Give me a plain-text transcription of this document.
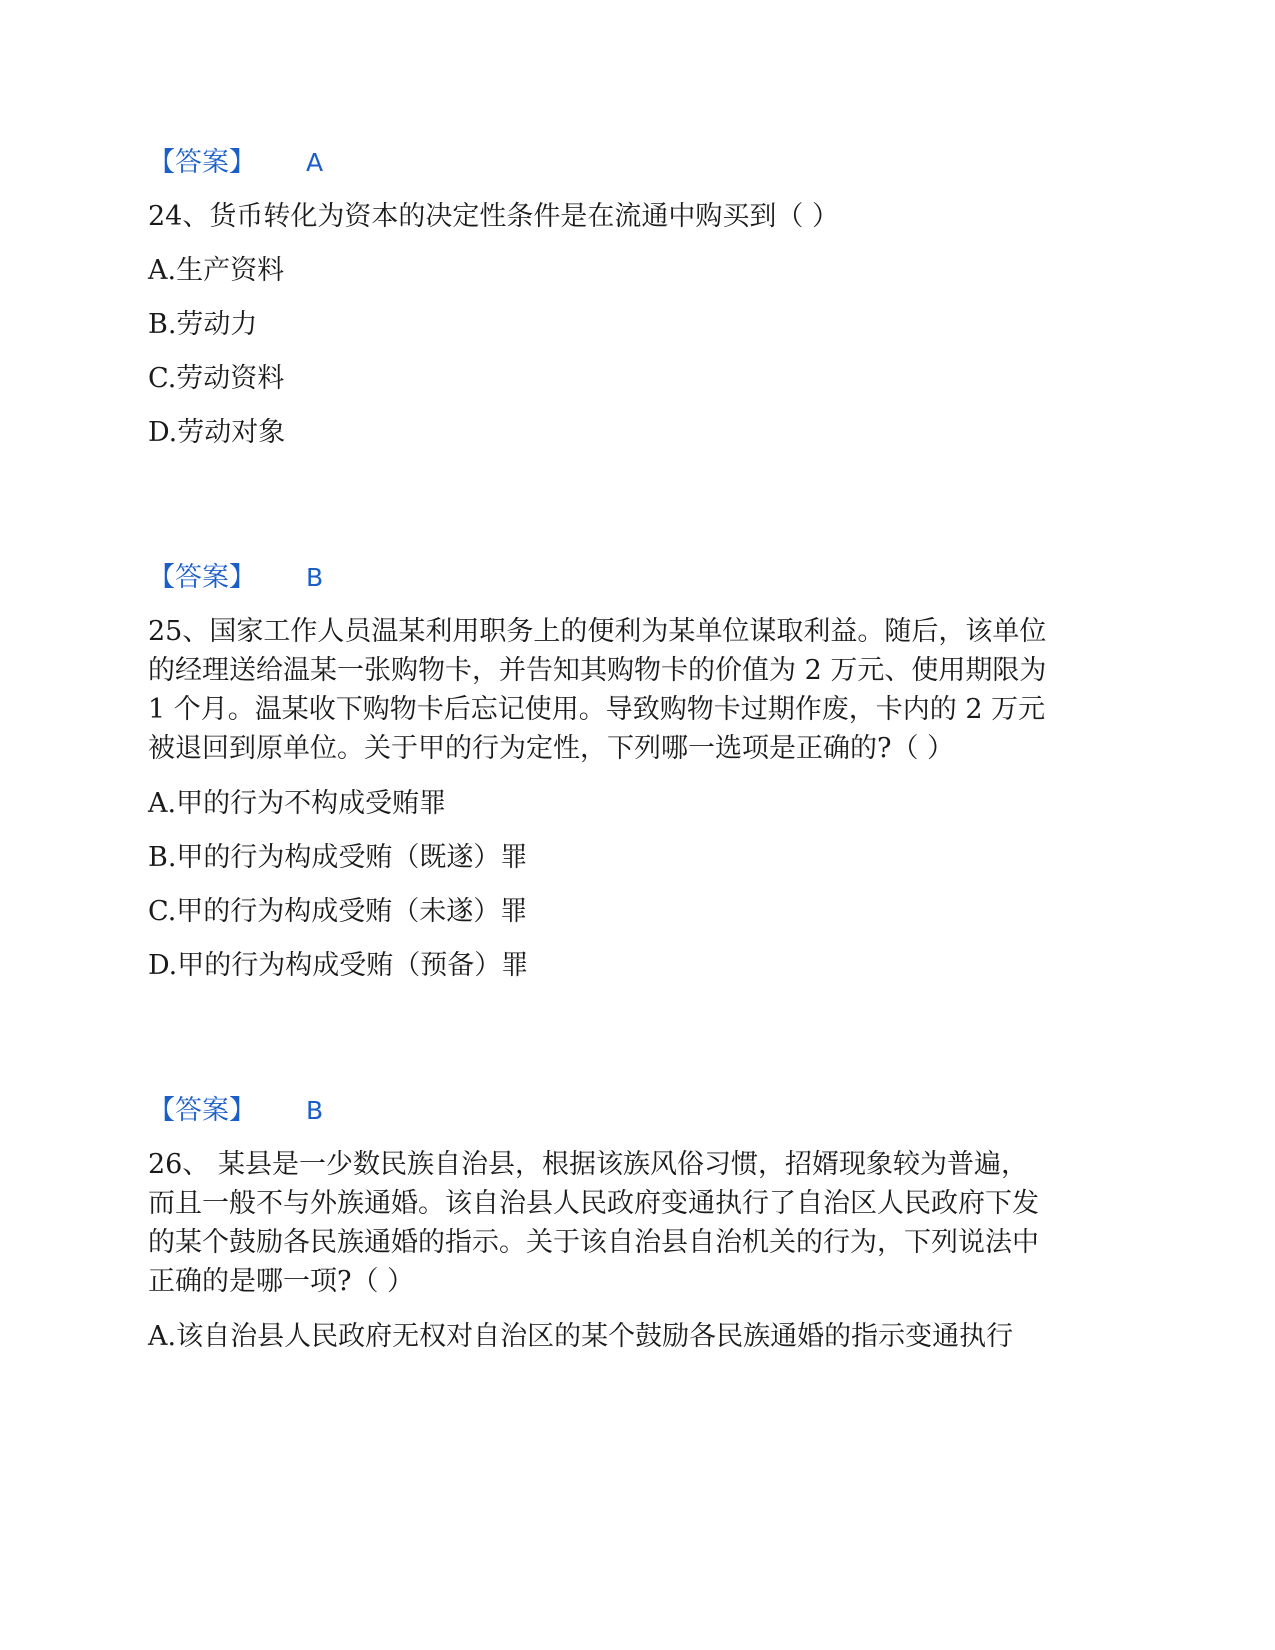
【答案】 A
24、货币转化为资本的决定性条件是在流通中购买到（ ）
A.生产资料
B.劳动力
C.劳动资料
D.劳动对象
【答案】 B
25、国家工作人员温某利用职务上的便利为某单位谋取利益。随后，该单位
的经理送给温某一张购物卡，并告知其购物卡的价值为 2 万元、使用期限为
1 个月。温某收下购物卡后忘记使用。导致购物卡过期作废，卡内的 2 万元
被退回到原单位。关于甲的行为定性，下列哪一选项是正确的?（ ）
A.甲的行为不构成受贿罪
B.甲的行为构成受贿（既遂）罪
C.甲的行为构成受贿（未遂）罪
D.甲的行为构成受贿（预备）罪
【答案】 B
26、 某县是一少数民族自治县，根据该族风俗习惯，招婿现象较为普遍，
而且一般不与外族通婚。该自治县人民政府变通执行了自治区人民政府下发
的某个鼓励各民族通婚的指示。关于该自治县自治机关的行为，下列说法中
正确的是哪一项?（ ）
A.该自治县人民政府无权对自治区的某个鼓励各民族通婚的指示变通执行
